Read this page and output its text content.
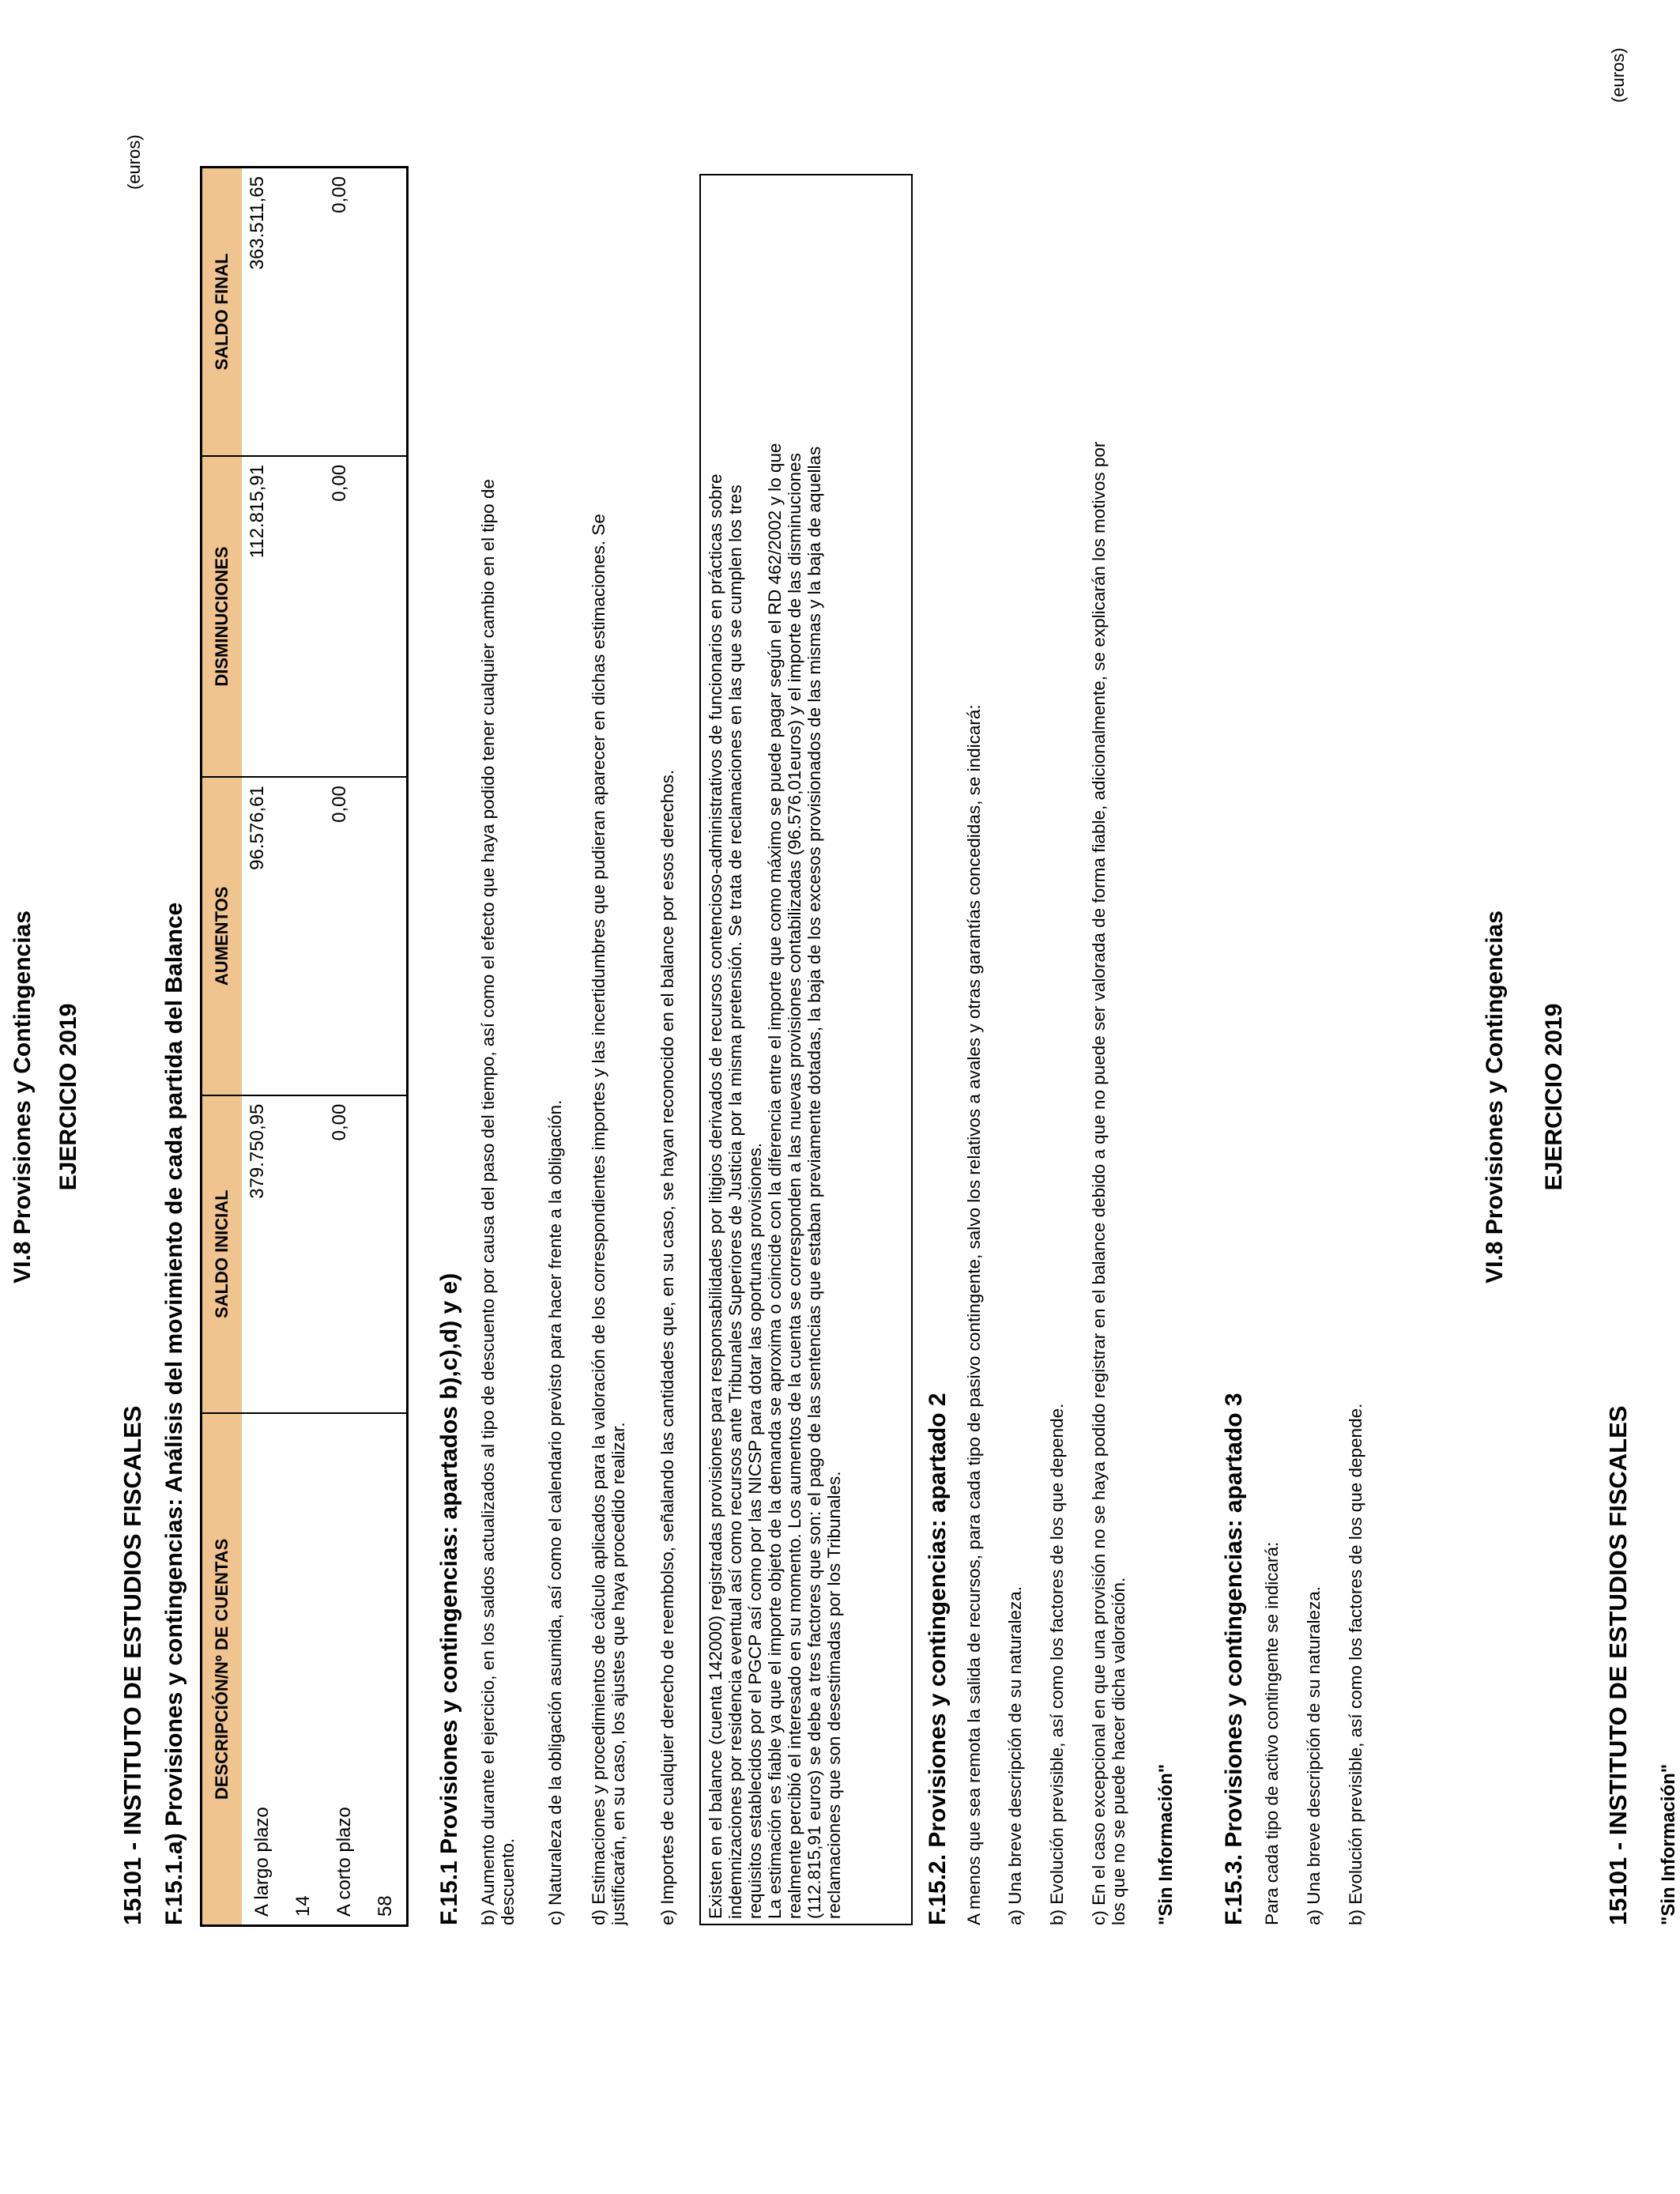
VI.8 Provisiones y Contingencias EJERCICIO 2019
(euros)
15101 - INSTITUTO DE ESTUDIOS FISCALES F.15.1.a) Provisiones y contingencias: Análisis del movimiento de cada partida del Balance DESCRIPCIÓN/Nº DE CUENTAS	SALDO INICIAL	AUMENTOS	DISMINUCIONES	SALDO FINAL

A largo plazo 14	379.750,95	96.576,61	112.815,91	363.511,65

A corto plazo 58	0,00	0,00	0,00	0,00
F.15.1 Provisiones y contingencias: apartados b),c),d) y e) b) Aumento durante el ejercicio, en los saldos actualizados al tipo de descuento por causa del paso del tiempo, así como el efecto que haya podido tener cualquier cambio en el tipo de descuento. c) Naturaleza de la obligación asumida, así como el calendario previsto para hacer frente a la obligación. d) Estimaciones y procedimientos de cálculo aplicados para la valoración de los correspondientes importes y las incertidumbres que pudieran aparecer en dichas estimaciones. Se justificarán, en su caso, los ajustes que haya procedido realizar. e) Importes de cualquier derecho de reembolso, señalando las cantidades que, en su caso, se hayan reconocido en el balance por esos derechos. Existen en el balance (cuenta 142000) registradas provisiones para responsabilidades por litigios derivados de recursos contencioso-administrativos de funcionarios en prácticas sobre indemnizaciones por residencia eventual así como recursos ante Tribunales Superiores de Justicia por la misma pretensión. Se trata de reclamaciones en las que se cumplen los tres requisitos establecidos por el PGCP así como por las NICSP para dotar las oportunas provisiones. La estimación es fiable ya que el importe objeto de la demanda se aproxima o coincide con la diferencia entre el importe que como máximo se puede pagar según el RD 462/2002 y lo que realmente percibió el interesado en su momento. Los aumentos de la cuenta se corresponden a las nuevas provisiones contabilizadas (96.576,01euros) y el importe de las disminuciones (112.815,91 euros) se debe a tres factores que son: el pago de las sentencias que estaban previamente dotadas, la baja de los excesos provisionados de las mismas y la baja de aquellas reclamaciones que son desestimadas por los Tribunales.	F.15.2. Provisiones y contingencias: apartado 2 A menos que sea remota la salida de recursos, para cada tipo de pasivo contingente, salvo los relativos a avales y otras garantías concedidas, se indicará: a) Una breve descripción de su naturaleza. b) Evolución previsible, así como los factores de los que depende. c) En el caso excepcional en que una provisión no se haya podido registrar en el balance debido a que no puede ser valorada de forma fiable, adicionalmente, se explicarán los motivos por los que no se puede hacer dicha valoración. "Sin Información" F.15.3. Provisiones y contingencias: apartado 3 Para cada tipo de activo contingente se indicará: a) Una breve descripción de su naturaleza. b) Evolución previsible, así como los factores de los que depende.

VI.8 Provisiones y Contingencias EJERCICIO 2019
(euros)
15101 - INSTITUTO DE ESTUDIOS FISCALES "Sin Información"
